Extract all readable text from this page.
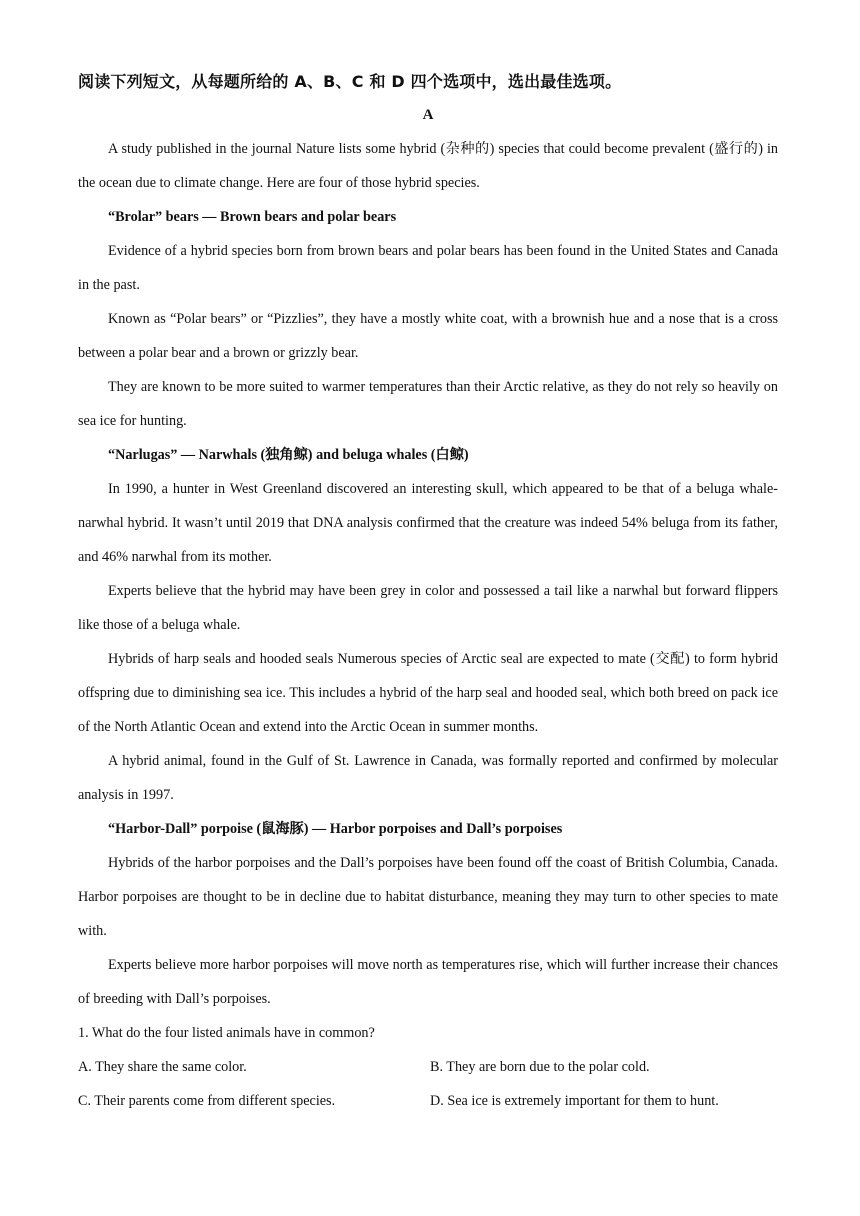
阅读下列短文，从每题所给的 A、B、C 和 D 四个选项中，选出最佳选项。
A

A study published in the journal Nature lists some hybrid (杂种的) species that could become prevalent (盛行的) in the ocean due to climate change. Here are four of those hybrid species.

“Brolar” bears — Brown bears and polar bears

Evidence of a hybrid species born from brown bears and polar bears has been found in the United States and Canada in the past.

Known as “Polar bears” or “Pizzlies”, they have a mostly white coat, with a brownish hue and a nose that is a cross between a polar bear and a brown or grizzly bear.

They are known to be more suited to warmer temperatures than their Arctic relative, as they do not rely so heavily on sea ice for hunting.

“Narlugas” — Narwhals (独角鲸) and beluga whales (白鲸)

In 1990, a hunter in West Greenland discovered an interesting skull, which appeared to be that of a beluga whale-narwhal hybrid. It wasn’t until 2019 that DNA analysis confirmed that the creature was indeed 54% beluga from its father, and 46% narwhal from its mother.

Experts believe that the hybrid may have been grey in color and possessed a tail like a narwhal but forward flippers like those of a beluga whale.

Hybrids of harp seals and hooded seals Numerous species of Arctic seal are expected to mate (交配) to form hybrid offspring due to diminishing sea ice. This includes a hybrid of the harp seal and hooded seal, which both breed on pack ice of the North Atlantic Ocean and extend into the Arctic Ocean in summer months.

A hybrid animal, found in the Gulf of St. Lawrence in Canada, was formally reported and confirmed by molecular analysis in 1997.

“Harbor-Dall” porpoise (鼠海豚) — Harbor porpoises and Dall’s porpoises

Hybrids of the harbor porpoises and the Dall’s porpoises have been found off the coast of British Columbia, Canada. Harbor porpoises are thought to be in decline due to habitat disturbance, meaning they may turn to other species to mate with.

Experts believe more harbor porpoises will move north as temperatures rise, which will further increase their chances of breeding with Dall’s porpoises.

1. What do the four listed animals have in common?
A. They share the same color.	B. They are born due to the polar cold.
C. Their parents come from different species.	D. Sea ice is extremely important for them to hunt.
